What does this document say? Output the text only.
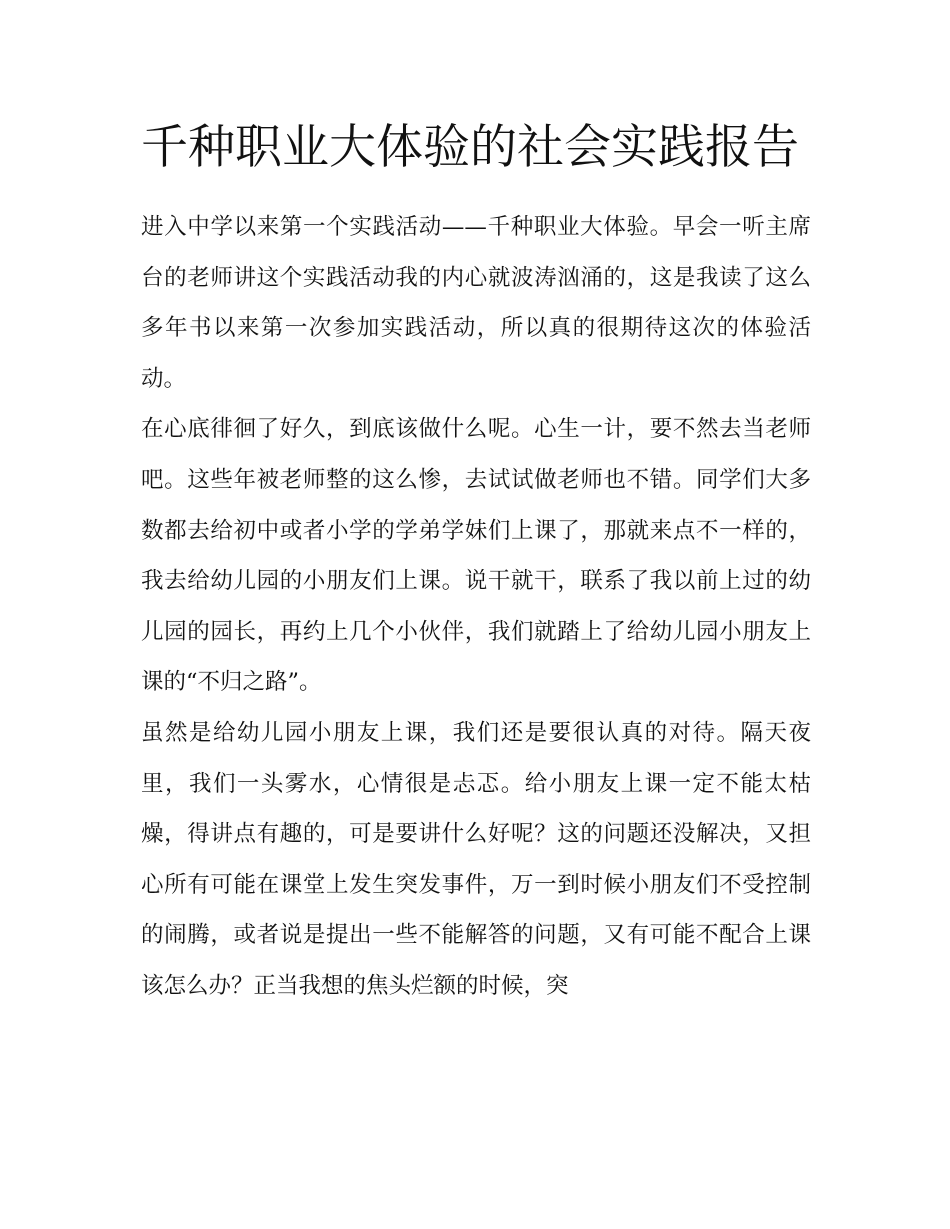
千种职业大体验的社会实践报告

进入中学以来第一个实践活动——千种职业大体验。早会一听主席台的老师讲这个实践活动我的内心就波涛汹涌的，这是我读了这么多年书以来第一次参加实践活动，所以真的很期待这次的体验活动。

在心底徘徊了好久，到底该做什么呢。心生一计，要不然去当老师吧。这些年被老师整的这么惨，去试试做老师也不错。同学们大多数都去给初中或者小学的学弟学妹们上课了，那就来点不一样的，我去给幼儿园的小朋友们上课。说干就干，联系了我以前上过的幼儿园的园长，再约上几个小伙伴，我们就踏上了给幼儿园小朋友上课的“不归之路”。

虽然是给幼儿园小朋友上课，我们还是要很认真的对待。隔天夜里，我们一头雾水，心情很是忐忑。给小朋友上课一定不能太枯燥，得讲点有趣的，可是要讲什么好呢？这的问题还没解决，又担心所有可能在课堂上发生突发事件，万一到时候小朋友们不受控制的闹腾，或者说是提出一些不能解答的问题，又有可能不配合上课该怎么办？正当我想的焦头烂额的时候，突
